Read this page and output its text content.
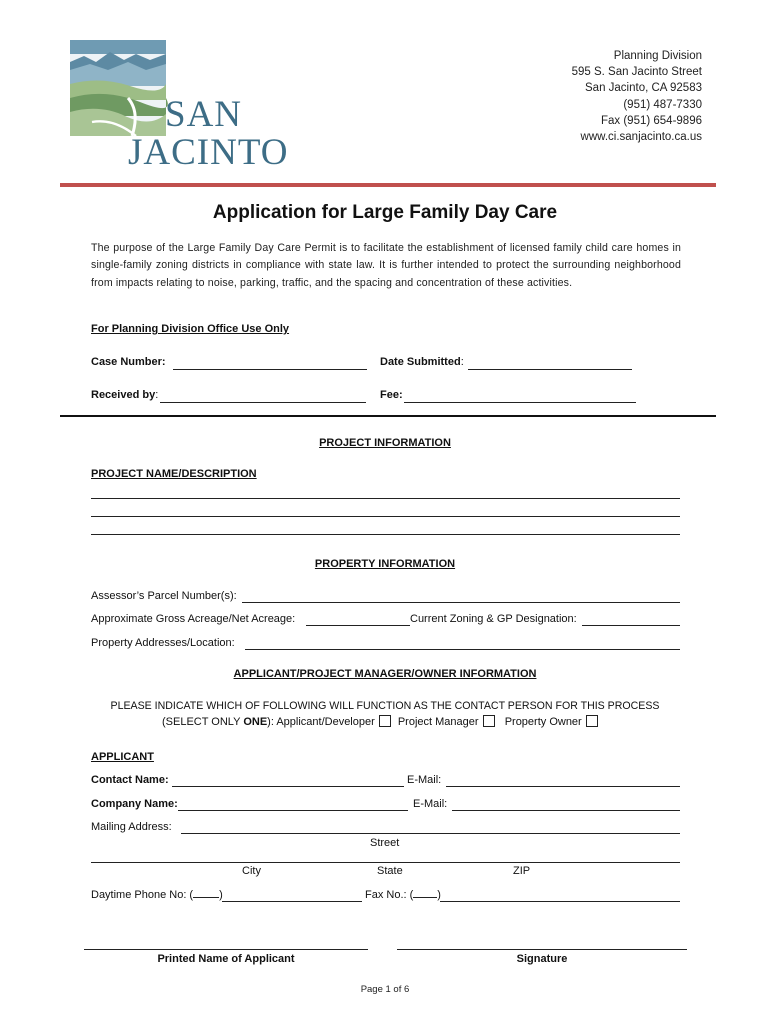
SAN
JACINTO
Planning Division
595 S. San Jacinto Street
San Jacinto, CA 92583
(951) 487-7330
Fax (951) 654-9896
www.ci.sanjacinto.ca.us
Application for Large Family Day Care
The purpose of the Large Family Day Care Permit is to facilitate the establishment of licensed family child care homes in single-family zoning districts in compliance with state law. It is further intended to protect the surrounding neighborhood from impacts relating to noise, parking, traffic, and the spacing and concentration of these activities.
For Planning Division Office Use Only
Case Number:	Date Submitted:
Received by:	Fee:
PROJECT INFORMATION
PROJECT NAME/DESCRIPTION
PROPERTY INFORMATION
Assessor’s Parcel Number(s):
Approximate Gross Acreage/Net Acreage:	Current Zoning & GP Designation:
Property Addresses/Location:
APPLICANT/PROJECT MANAGER/OWNER INFORMATION
PLEASE INDICATE WHICH OF FOLLOWING WILL FUNCTION AS THE CONTACT PERSON FOR THIS PROCESS
(SELECT ONLY ONE): Applicant/Developer Project Manager Property Owner
APPLICANT
Contact Name:	E-Mail:
Company Name:	E-Mail:
Mailing Address:
Street
City	State	ZIP
Daytime Phone No: ( )	Fax No.: ( )
Printed Name of Applicant	Signature
Page 1 of 6
